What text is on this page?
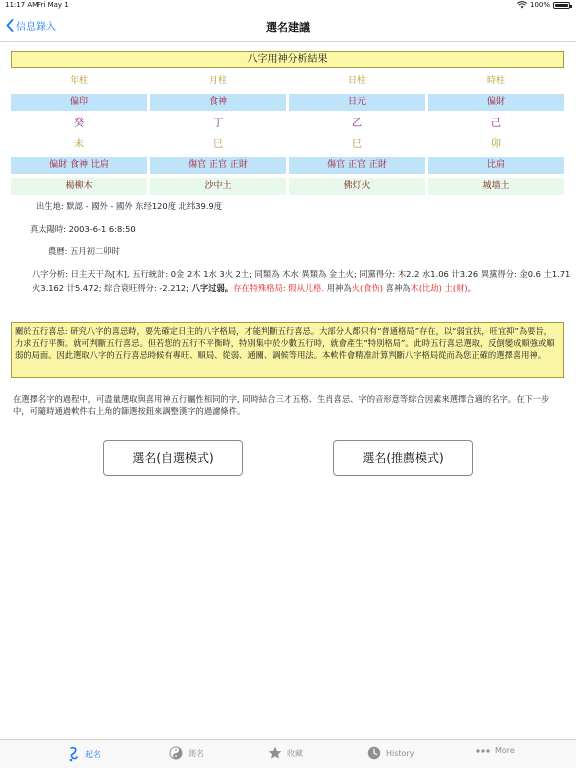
11:17 AM
Fri May 1	100%
信息錄入	選名建議
八字用神分析結果
年柱	月柱	日柱	時柱
偏印	食神	日元	偏財
癸	丁	乙	己
未	巳	巳	卯
偏財 食神 比肩	傷官 正官 正財	傷官 正官 正財	比肩
楊柳木	沙中土	佛灯火	城墙土
出生地: 默認 - 國外 - 國外 东经120度 北纬39.9度
真太陽時: 2003-6-1 6:8:50
農曆: 五月初二卯时
八字分析: 日主天干為[木], 五行統計: 0金 2木 1水 3火 2土; 同類為 木水 異類為 金土火; 同黨得分: 木2.2 水1.06 计3.26 異黨得分: 金0.6 土1.71 火3.162 计5.472; 綜合衰旺得分: -2.212; 八字过弱。存在特殊格局: 假从儿格. 用神為火(食伤) 喜神為木(比劫) 土(财)。
關於五行喜忌: 研究八字的喜忌時，要先確定日主的八字格局，才能判斷五行喜忌。大部分人都只有“普通格局”存在，以“弱宜扶，旺宜抑”為要旨，力求五行平衡。就可判斷五行喜忌。但若您的五行不平衡時，特別集中於少數五行時，就會產生“特別格局”。此時五行喜忌選取，反倒變成順強或順弱的局面。因此選取八字的五行喜忌時候有專旺、順局、從弱、通關、調候等用法。本軟件會精准計算判斷八字格局從而為您正確的選擇喜用神。
在選擇名字的過程中，可盡量選取與喜用神五行屬性相同的字, 同時結合三才五格、生肖喜忌、字的音形意等綜合因素來選擇合適的名字。在下一步中，可隨時通過軟件右上角的篩選按鈕來調整漢字的過濾條件。
選名(自選模式)	選名(推薦模式)
起名	測名	收藏	History	More
